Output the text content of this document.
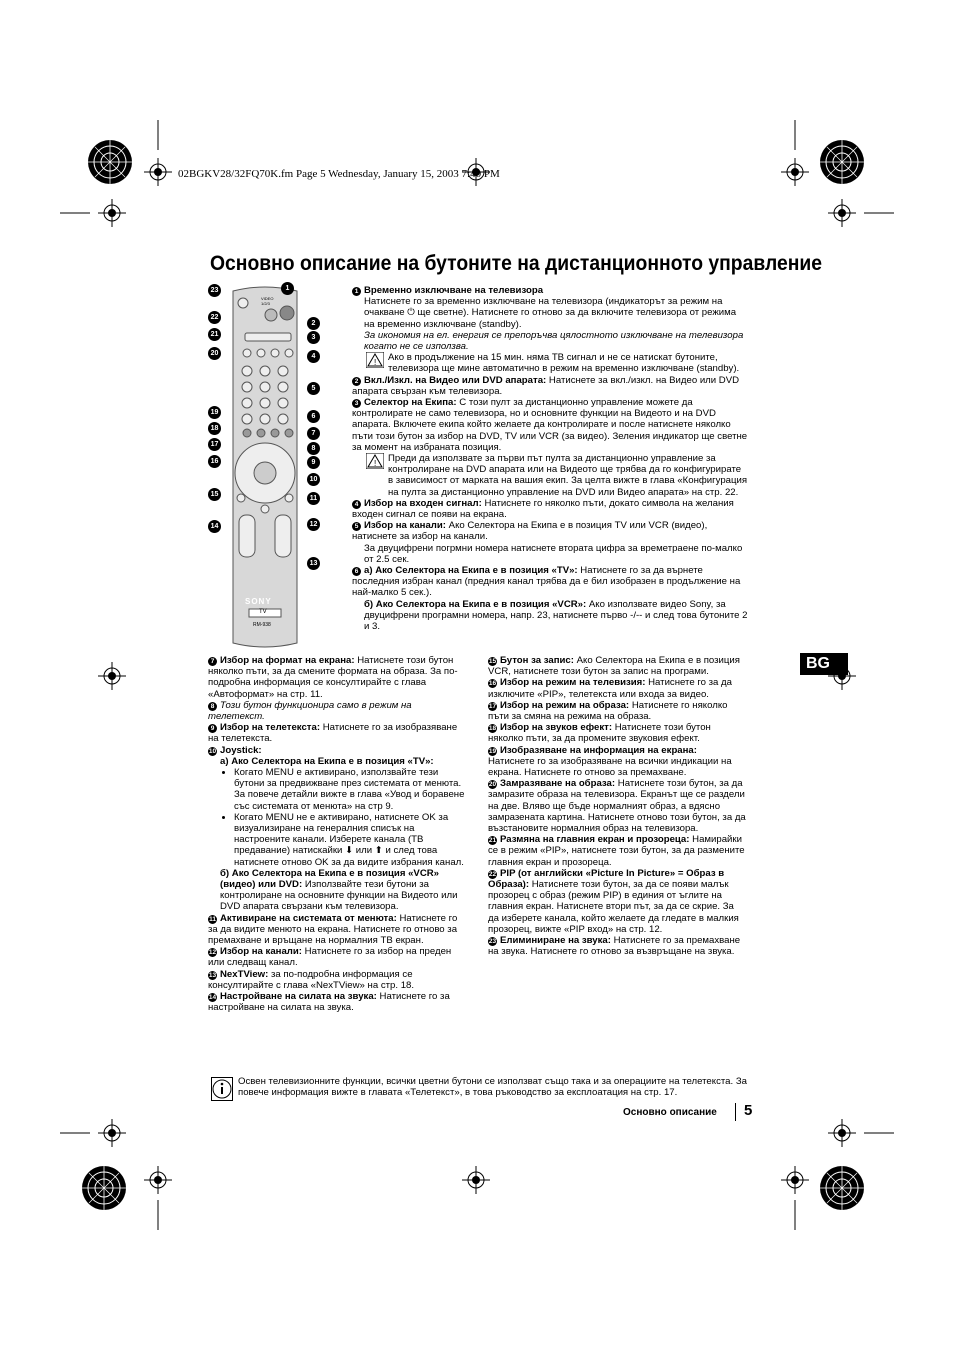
02BGKV28/32FQ70K.fm Page 5 Wednesday, January 15, 2003 7:40 PM
Основно описание на бутоните на дистанционното управление
SONY
TV
RM-938
VIDEO 1/2/3
1
2
3
4
5
6
7
8
9
10
11
12
13
14
15
16
17
18
19
20
21
22
23	1 Временно изключване на телевизора
Натиснете го за временно изключване на телевизора (индикаторът за режим на очакване ⏻ ще светне). Натиснете го отново за да включите телевизора от режима на временно изключване (standby).
За икономия на ел. енергия се препоръчва цялостното изключване на телевизора когато не се използва.
! Ако в продължение на 15 мин. няма ТВ сигнал и не се натискат бутоните, телевизора ще мине автоматично в режим на временно изключване (standby).
2 Вкл./Изкл. на Видео или DVD апарата: Натиснете за вкл./изкл. на Видео или DVD апарата свързан към телевизора.
3 Селектор на Екипа: С този пулт за дистанционно управление можете да контролирате не само телевизора, но и основните функции на Видеото и на DVD апарата. Включете екипа който желаете да контролирате и после натиснете няколко пъти този бутон за избор на DVD, TV или VCR (за видео). Зеления индикатор ще светне за момент на избраната позиция.
! Преди да използвате за първи път пулта за дистанционно управление за контролиране на DVD апарата или на Видеото ще трябва да го конфигурирате в зависимост от марката на вашия екип. За целта вижте в глава «Конфигурация на пулта за дистанционно управление на DVD или Видео апарата» на стр. 22.
4 Избор на входен сигнал: Натиснете го няколко пъти, докато символа на желания входен сигнал се появи на екрана.
5 Избор на канали: Ако Селектора на Екипа е в позиция TV или VCR (видео), натиснете за избор на канали.
За двуцифрени погрмни номера натиснете втората цифра за времетраене по-малко от 2.5 сек.
6 а) Ако Селектора на Екипа е в позиция «TV»: Натиснете го за да върнете последния избран канал (предния канал трябва да е бил изобразен в продължение на най-малко 5 сек.).
б) Ако Селектора на Екипа е в позиция «VCR»: Ако използвате видео Sony, за двуцифрени програмни номера, напр. 23, натиснете първо -/-- и след това бутоните 2 и 3.
7 Избор на формат на екрана: Натиснете този бутон няколко пъти, за да смените формата на образа. За по-подробна информация се консултирайте с глава «Автоформат» на стр. 11.
8 Този бутон функционира само в режим на телетекст.
9 Избор на телетекста: Натиснете го за изобразяване на телетекста.
10 Joystick:
а) Ако Селектора на Екипа е в позиция «TV»:
• Когато MENU е активирано, използвайте тези бутони за предвижване през системата от менюта. За повече детайли вижте в глава «Увод и боравене със системата от менюта» на стр 9.
• Когато MENU не е активирано, натиснете OK за визуализиране на генералния списък на настроените канали. Изберете канала (ТВ предавание) натискайки ⬇ или ⬆ и след това натиснете отново OK за да видите избрания канал.
б) Ако Селектора на Екипа е в позиция «VCR» (видео) или DVD: Използвайте тези бутони за контролиране на основните функции на Видеото или DVD апарата свързани към телевизора.
11 Активиране на системата от менюта: Натиснете го за да видите менюто на екрана. Натиснете го отново за премахване и връщане на нормалния ТВ екран.
12 Избор на канали: Натиснете го за избор на преден или следващ канал.
13 NexTView: за по-подробна информация се консултирайте с глава «NexTView» на стр. 18.
14 Настройване на силата на звука: Натиснете го за настройване на силата на звука.
15 Бутон за запис: Ако Селектора на Екипа е в позиция VCR, натиснете този бутон за запис на програми.
16 Избор на режим на телевизия: Натиснете го за да изключите «PIP», телетекста или входа за видео.
17 Избор на режим на образа: Натиснете го няколко пъти за смяна на режима на образа.
18 Избор на звуков ефект: Натиснете този бутон няколко пъти, за да промените звуковия ефект.
19 Изобразяване на информация на екрана: Натиснете го за изобразяване на всички индикации на екрана. Натиснете го отново за премахване.
20 Замразяване на образа: Натиснете този бутон, за да замразите образа на телевизора. Екранът ще се раздели на две. Вляво ще бъде нормалният образ, а вдясно замразената картина. Натиснете отново този бутон, за да възстановите нормалния образ на телевизора.
21 Размяна на главния екран и прозореца: Намирайки се в режим «PIP», натиснете този бутон, за да размените главния екран и прозореца.
22 PIP (от английски «Picture In Picture» = Образ в Образа): Натиснете този бутон, за да се появи малък прозорец с образ (режим PIP) в единия от ъглите на главния екран. Натиснете втори път, за да се скрие. За да изберете канала, който желаете да гледате в малкия прозорец, вижте «PIP вход» на стр. 12.
23 Елиминиране на звука: Натиснете го за премахване на звука. Натиснете го отново за възвръщане на звука.
BG
Освен телевизионните функции, всички цветни бутони се използват също така и за операциите на телетекста. За повече информация вижте в главата «Телетекст», в това ръководство за експлоатация на стр. 17.
Основно описание 5
